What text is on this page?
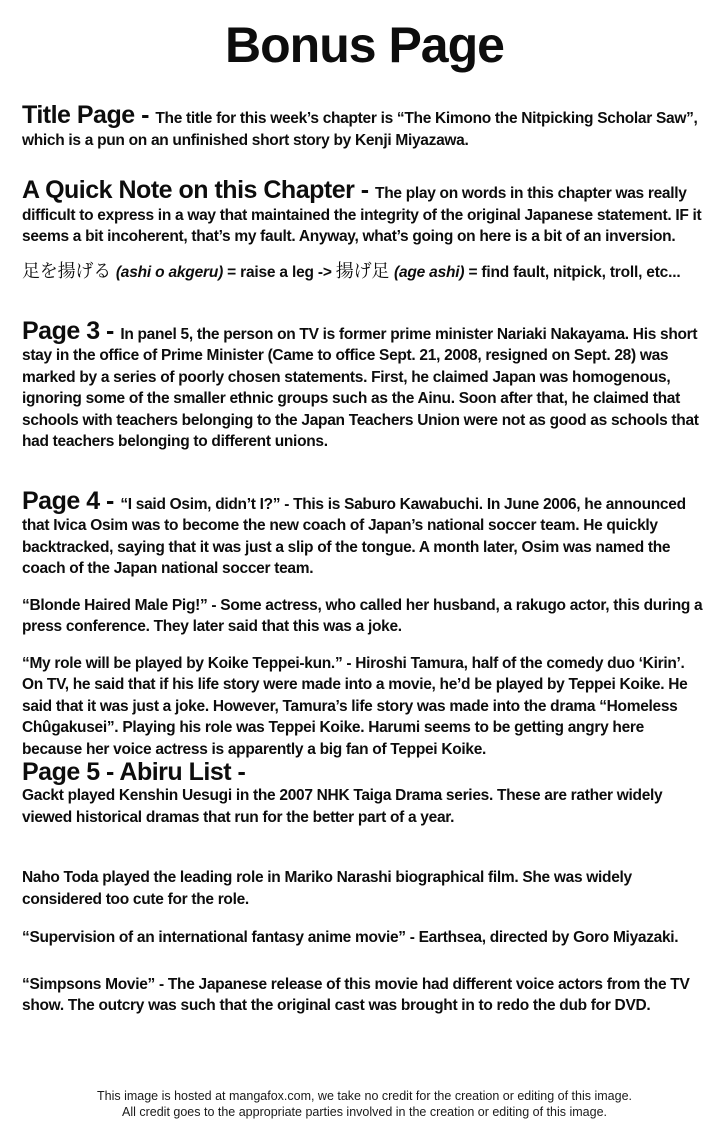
Bonus Page

Title Page - The title for this week’s chapter is “The Kimono the Nitpicking Scholar Saw”, which is a pun on an unfinished short story by Kenji Miyazawa.

A Quick Note on this Chapter - The play on words in this chapter was really difficult to express in a way that maintained the integrity of the original Japanese statement. IF it seems a bit incoherent, that’s my fault. Anyway, what’s going on here is a bit of an inversion.

足を揚げる (ashi o akgeru) = raise a leg -> 揚げ足 (age ashi) = find fault, nitpick, troll, etc...

Page 3 - In panel 5, the person on TV is former prime minister Nariaki Nakayama. His short stay in the office of Prime Minister (Came to office Sept. 21, 2008, resigned on Sept. 28) was marked by a series of poorly chosen statements. First, he claimed Japan was homogenous, ignoring some of the smaller ethnic groups such as the Ainu. Soon after that, he claimed that schools with teachers belonging to the Japan Teachers Union were not as good as schools that had teachers belonging to different unions.

Page 4 - “I said Osim, didn’t I?” - This is Saburo Kawabuchi. In June 2006, he announced that Ivica Osim was to become the new coach of Japan’s national soccer team. He quickly backtracked, saying that it was just a slip of the tongue. A month later, Osim was named the coach of the Japan national soccer team.

“Blonde Haired Male Pig!” - Some actress, who called her husband, a rakugo actor, this during a press conference. They later said that this was a joke.

“My role will be played by Koike Teppei-kun.” - Hiroshi Tamura, half of the comedy duo ‘Kirin’. On TV, he said that if his life story were made into a movie, he’d be played by Teppei Koike. He said that it was just a joke. However, Tamura’s life story was made into the drama “Homeless Chûgakusei”. Playing his role was Teppei Koike. Harumi seems to be getting angry here because her voice actress is apparently a big fan of Teppei Koike.

Page 5 - Abiru List -

Gackt played Kenshin Uesugi in the 2007 NHK Taiga Drama series. These are rather widely viewed historical dramas that run for the better part of a year.

Naho Toda played the leading role in Mariko Narashi biographical film. She was widely considered too cute for the role.

“Supervision of an international fantasy anime movie” - Earthsea, directed by Goro Miyazaki.

“Simpsons Movie” - The Japanese release of this movie had different voice actors from the TV show. The outcry was such that the original cast was brought in to redo the dub for DVD.

This image is hosted at mangafox.com, we take no credit for the creation or editing of this image.
All credit goes to the appropriate parties involved in the creation or editing of this image.
